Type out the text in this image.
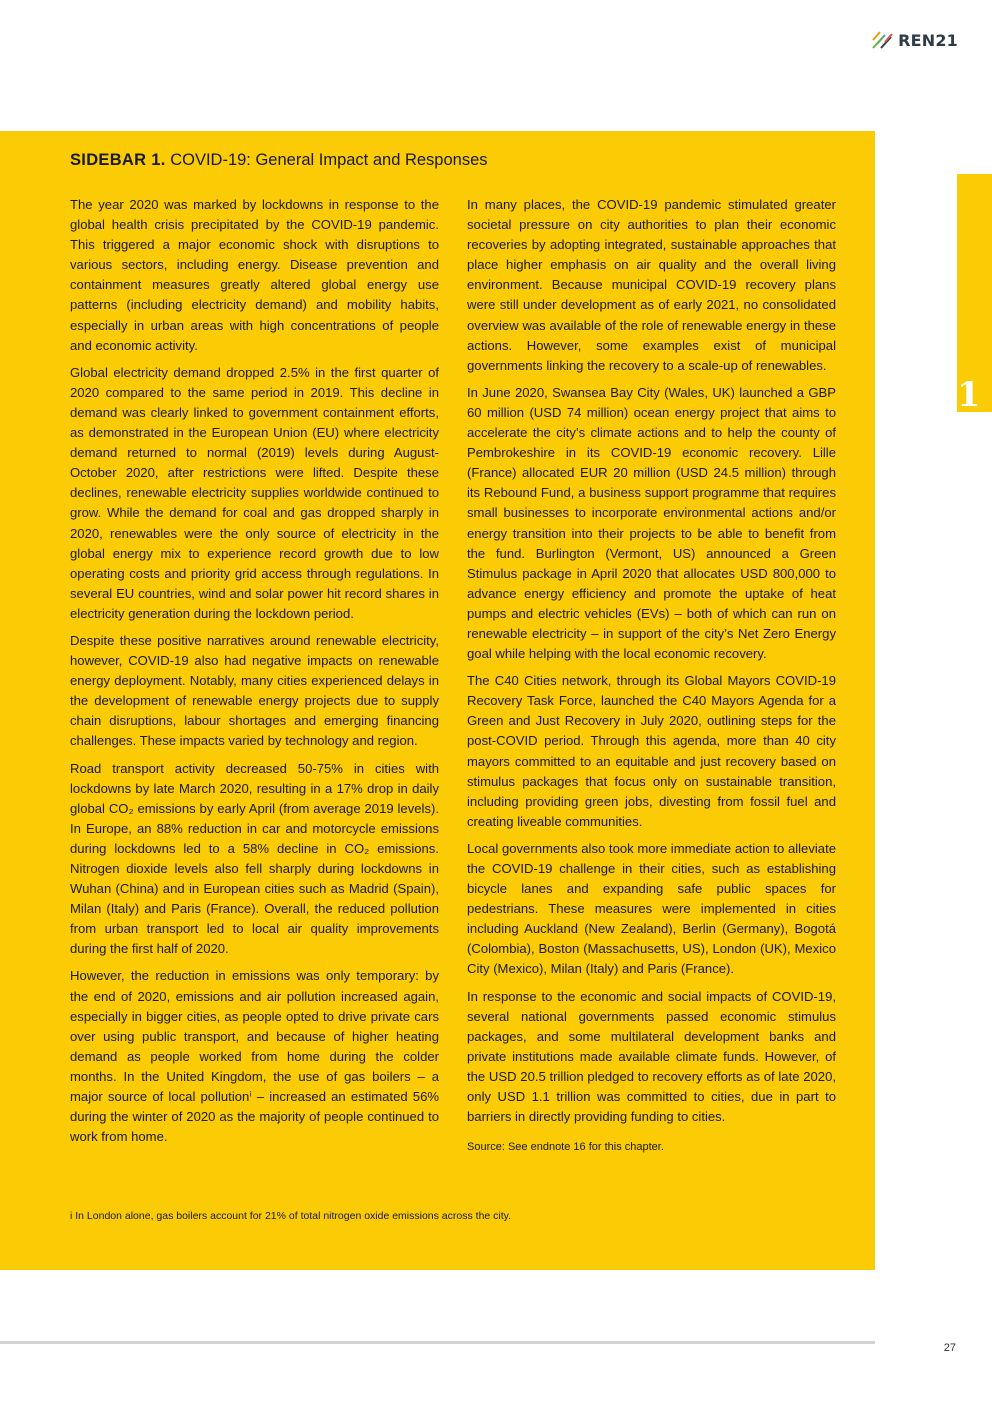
REN21
SIDEBAR 1. COVID-19: General Impact and Responses

The year 2020 was marked by lockdowns in response to the global health crisis precipitated by the COVID-19 pandemic. This triggered a major economic shock with disruptions to various sectors, including energy. Disease prevention and containment measures greatly altered global energy use patterns (including electricity demand) and mobility habits, especially in urban areas with high concentrations of people and economic activity.

Global electricity demand dropped 2.5% in the first quarter of 2020 compared to the same period in 2019. This decline in demand was clearly linked to government containment efforts, as demonstrated in the European Union (EU) where electricity demand returned to normal (2019) levels during August-October 2020, after restrictions were lifted. Despite these declines, renewable electricity supplies worldwide continued to grow. While the demand for coal and gas dropped sharply in 2020, renewables were the only source of electricity in the global energy mix to experience record growth due to low operating costs and priority grid access through regulations. In several EU countries, wind and solar power hit record shares in electricity generation during the lockdown period.

Despite these positive narratives around renewable electricity, however, COVID-19 also had negative impacts on renewable energy deployment. Notably, many cities experienced delays in the development of renewable energy projects due to supply chain disruptions, labour shortages and emerging financing challenges. These impacts varied by technology and region.

Road transport activity decreased 50-75% in cities with lockdowns by late March 2020, resulting in a 17% drop in daily global CO₂ emissions by early April (from average 2019 levels). In Europe, an 88% reduction in car and motorcycle emissions during lockdowns led to a 58% decline in CO₂ emissions. Nitrogen dioxide levels also fell sharply during lockdowns in Wuhan (China) and in European cities such as Madrid (Spain), Milan (Italy) and Paris (France). Overall, the reduced pollution from urban transport led to local air quality improvements during the first half of 2020.

However, the reduction in emissions was only temporary: by the end of 2020, emissions and air pollution increased again, especially in bigger cities, as people opted to drive private cars over using public transport, and because of higher heating demand as people worked from home during the colder months. In the United Kingdom, the use of gas boilers – a major source of local pollutionⁱ – increased an estimated 56% during the winter of 2020 as the majority of people continued to work from home.

In many places, the COVID-19 pandemic stimulated greater societal pressure on city authorities to plan their economic recoveries by adopting integrated, sustainable approaches that place higher emphasis on air quality and the overall living environment. Because municipal COVID-19 recovery plans were still under development as of early 2021, no consolidated overview was available of the role of renewable energy in these actions. However, some examples exist of municipal governments linking the recovery to a scale-up of renewables.

In June 2020, Swansea Bay City (Wales, UK) launched a GBP 60 million (USD 74 million) ocean energy project that aims to accelerate the city’s climate actions and to help the county of Pembrokeshire in its COVID-19 economic recovery. Lille (France) allocated EUR 20 million (USD 24.5 million) through its Rebound Fund, a business support programme that requires small businesses to incorporate environmental actions and/or energy transition into their projects to be able to benefit from the fund. Burlington (Vermont, US) announced a Green Stimulus package in April 2020 that allocates USD 800,000 to advance energy efficiency and promote the uptake of heat pumps and electric vehicles (EVs) – both of which can run on renewable electricity – in support of the city’s Net Zero Energy goal while helping with the local economic recovery.

The C40 Cities network, through its Global Mayors COVID-19 Recovery Task Force, launched the C40 Mayors Agenda for a Green and Just Recovery in July 2020, outlining steps for the post-COVID period. Through this agenda, more than 40 city mayors committed to an equitable and just recovery based on stimulus packages that focus only on sustainable transition, including providing green jobs, divesting from fossil fuel and creating liveable communities.

Local governments also took more immediate action to alleviate the COVID-19 challenge in their cities, such as establishing bicycle lanes and expanding safe public spaces for pedestrians. These measures were implemented in cities including Auckland (New Zealand), Berlin (Germany), Bogotá (Colombia), Boston (Massachusetts, US), London (UK), Mexico City (Mexico), Milan (Italy) and Paris (France).

In response to the economic and social impacts of COVID-19, several national governments passed economic stimulus packages, and some multilateral development banks and private institutions made available climate funds. However, of the USD 20.5 trillion pledged to recovery efforts as of late 2020, only USD 1.1 trillion was committed to cities, due in part to barriers in directly providing funding to cities.

Source: See endnote 16 for this chapter.

i In London alone, gas boilers account for 21% of total nitrogen oxide emissions across the city.
1
27
